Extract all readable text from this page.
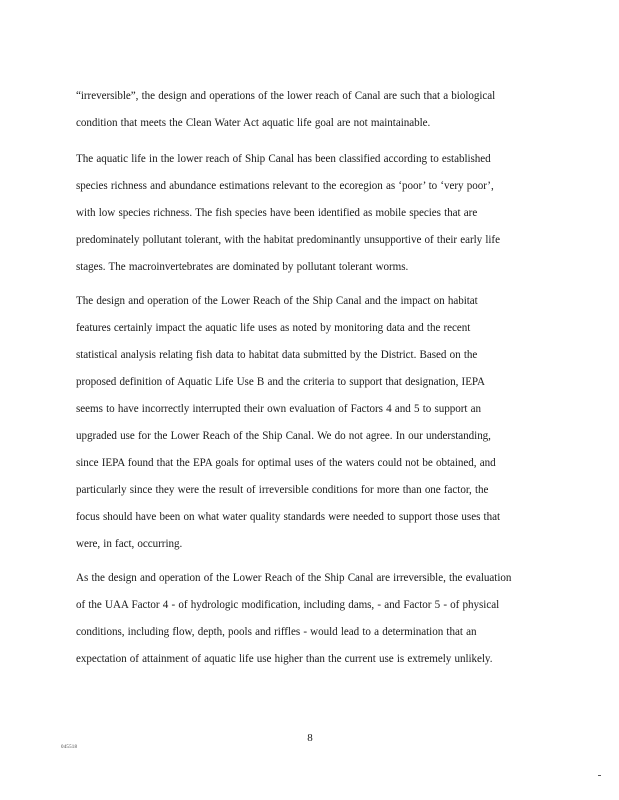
“irreversible”, the design and operations of the lower reach of Canal are such that a biological
condition that meets the Clean Water Act aquatic life goal are not maintainable.

The aquatic life in the lower reach of Ship Canal has been classified according to established
species richness and abundance estimations relevant to the ecoregion as ‘poor’ to ‘very poor’,
with low species richness. The fish species have been identified as mobile species that are
predominately pollutant tolerant, with the habitat predominantly unsupportive of their early life
stages. The macroinvertebrates are dominated by pollutant tolerant worms.

The design and operation of the Lower Reach of the Ship Canal and the impact on habitat
features certainly impact the aquatic life uses as noted by monitoring data and the recent
statistical analysis relating fish data to habitat data submitted by the District. Based on the
proposed definition of Aquatic Life Use B and the criteria to support that designation, IEPA
seems to have incorrectly interrupted their own evaluation of Factors 4 and 5 to support an
upgraded use for the Lower Reach of the Ship Canal. We do not agree. In our understanding,
since IEPA found that the EPA goals for optimal uses of the waters could not be obtained, and
particularly since they were the result of irreversible conditions for more than one factor, the
focus should have been on what water quality standards were needed to support those uses that
were, in fact, occurring.

As the design and operation of the Lower Reach of the Ship Canal are irreversible, the evaluation
of the UAA Factor 4 - of hydrologic modification, including dams, - and Factor 5 - of physical
conditions, including flow, depth, pools and riffles - would lead to a determination that an
expectation of attainment of aquatic life use higher than the current use is extremely unlikely.

8
045518
